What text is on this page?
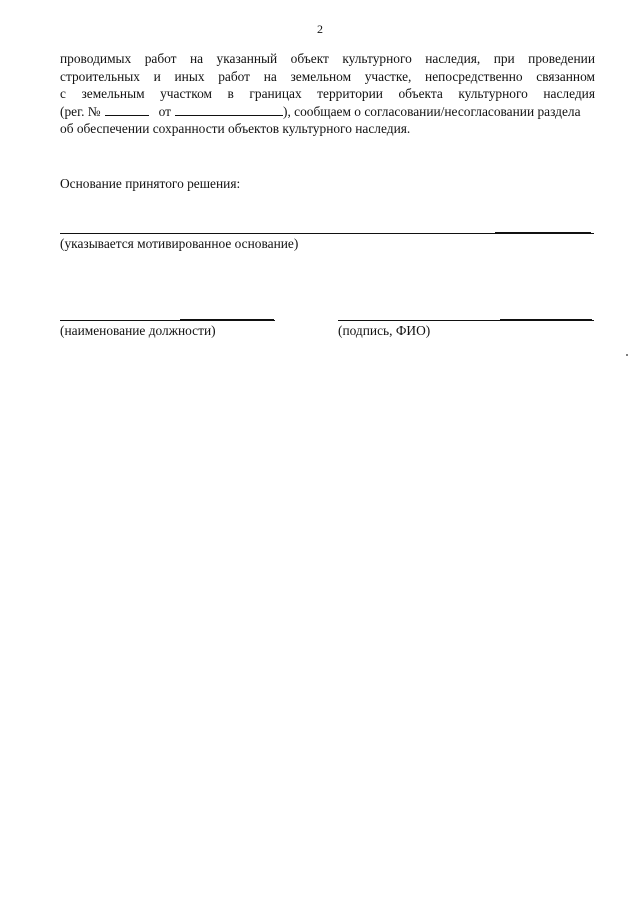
2
проводимых работ на указанный объект культурного наследия, при проведении
строительных и иных работ на земельном участке, непосредственно связанном
с земельным участком в границах территории объекта культурного наследия
(рег. №	от	), сообщаем о согласовании/несогласовании раздела
об обеспечении сохранности объектов культурного наследия.
Основание принятого решения:
(указывается мотивированное основание)
(наименование должности)	(подпись, ФИО)
